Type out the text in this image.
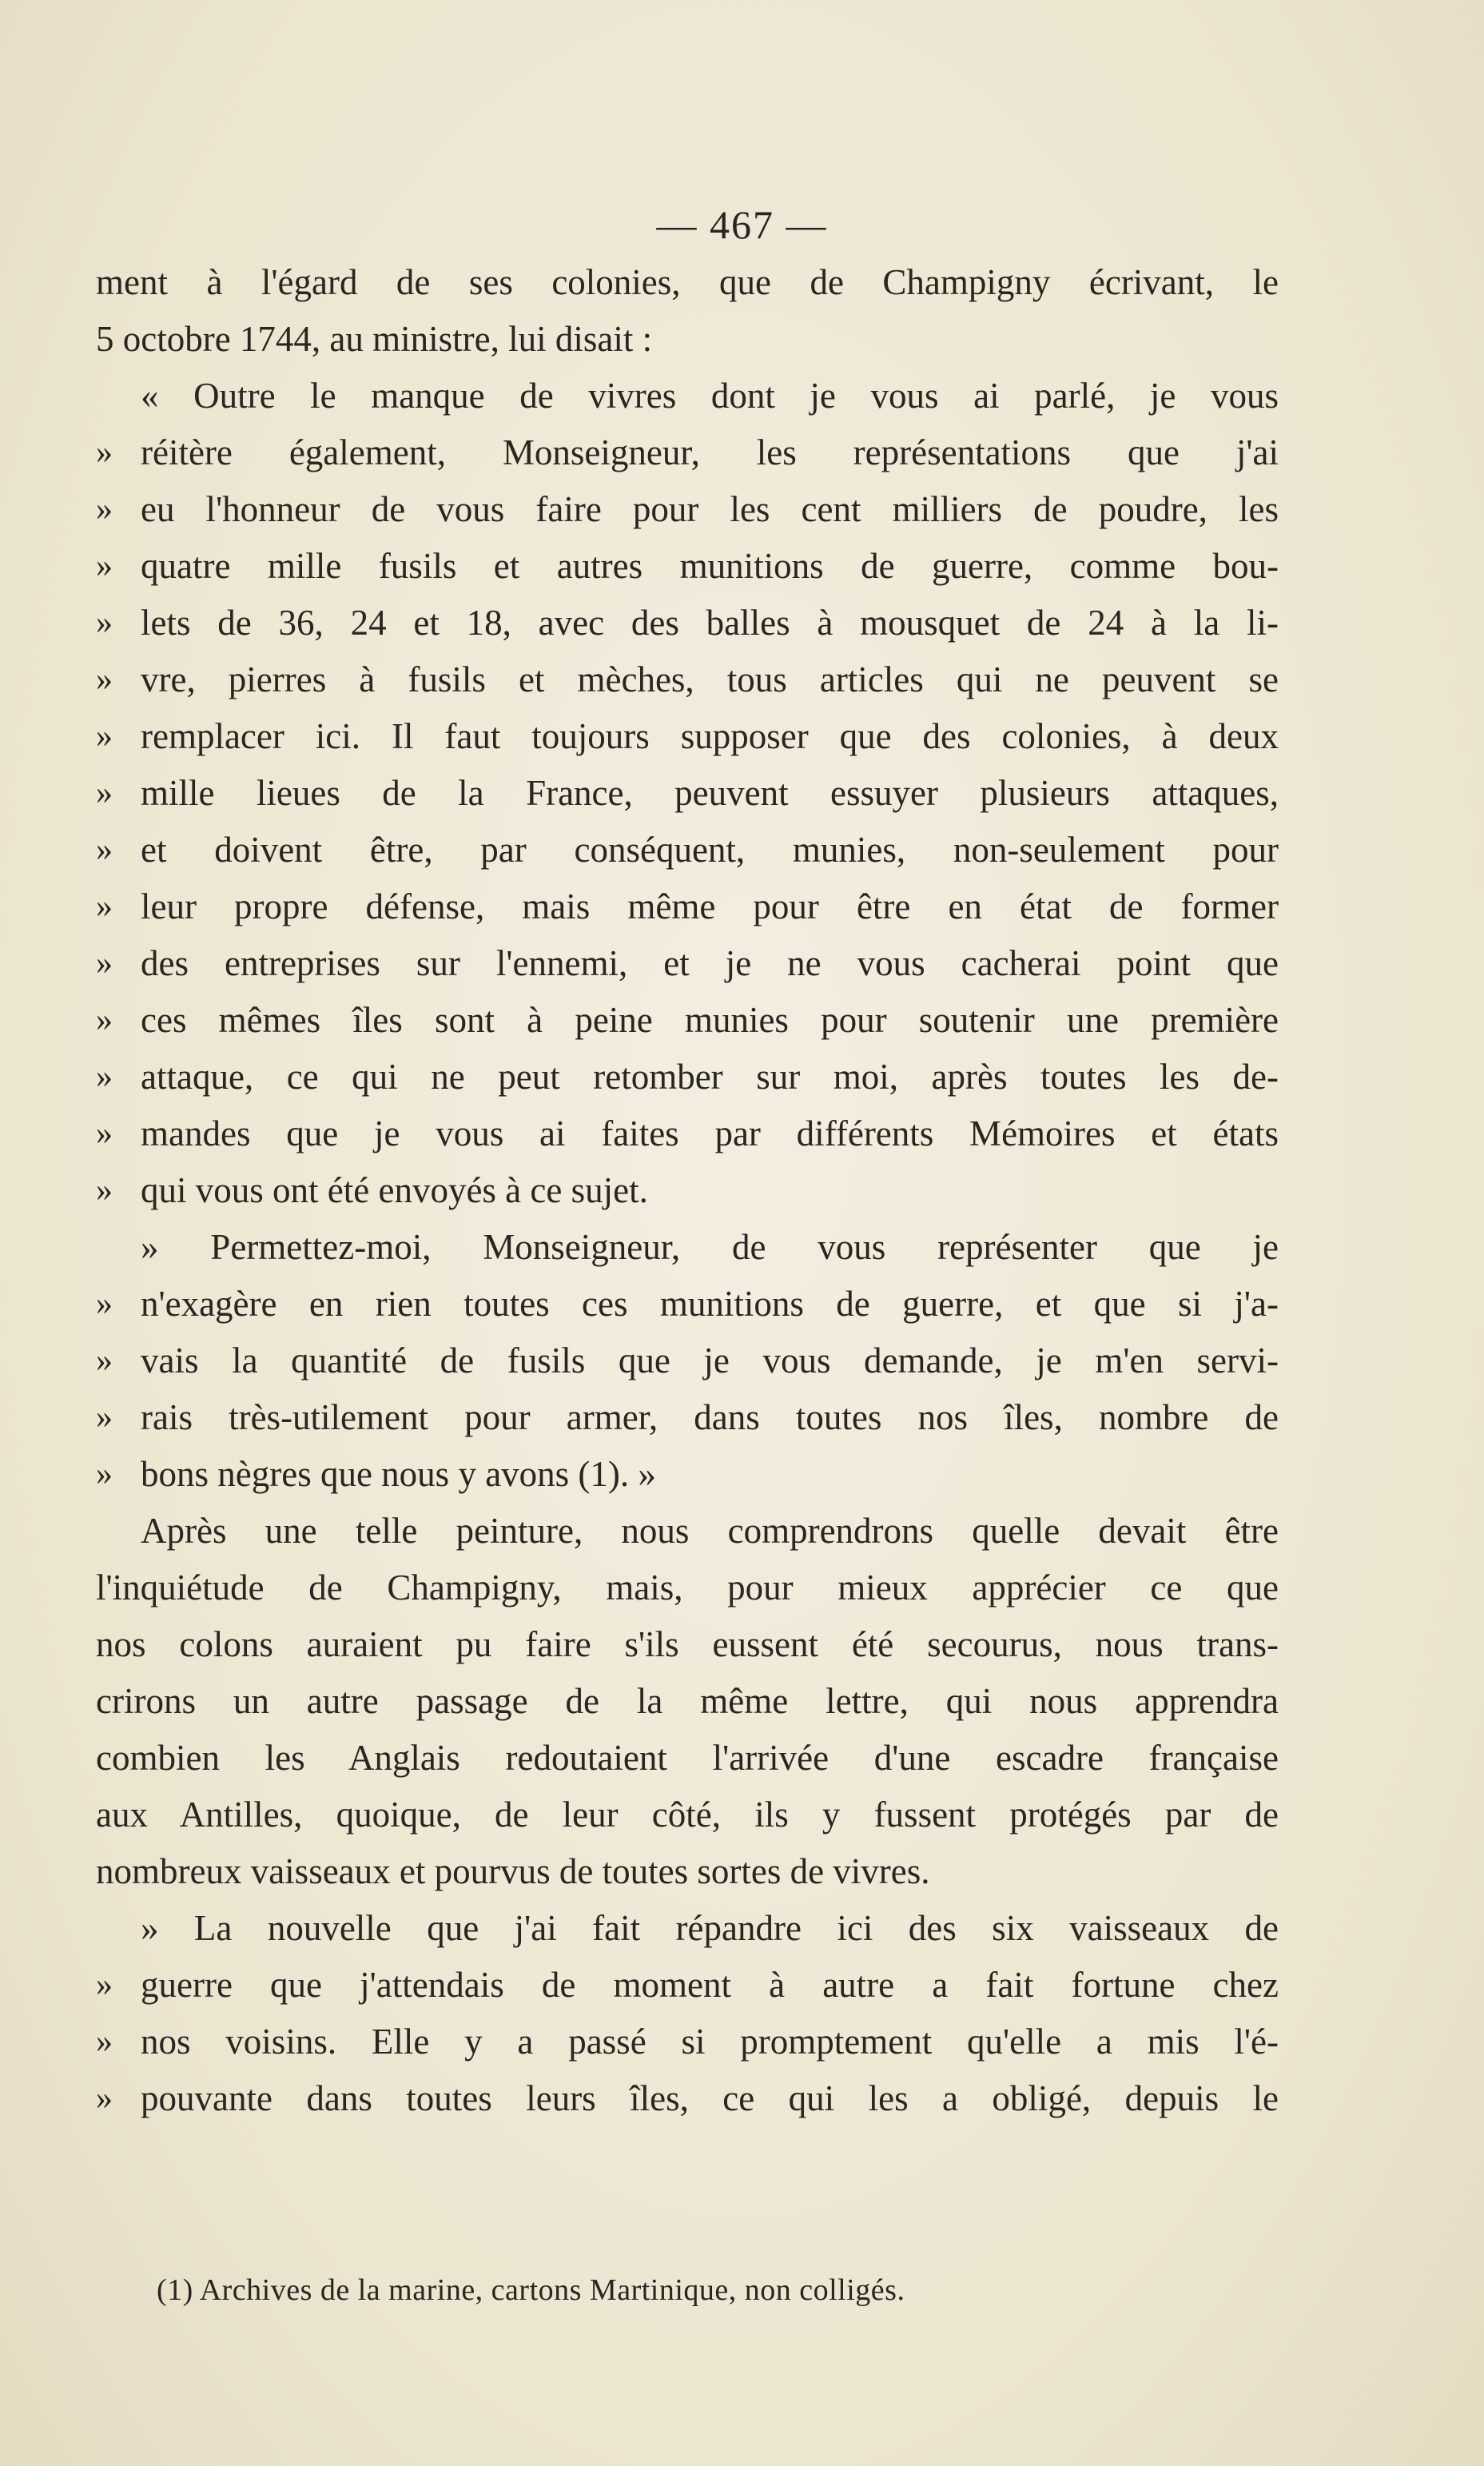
— 467 —
ment à l'égard de ses colonies, que de Champigny écrivant, le
5 octobre 1744, au ministre, lui disait :
« Outre le manque de vivres dont je vous ai parlé, je vous
» réitère également, Monseigneur, les représentations que j'ai
» eu l'honneur de vous faire pour les cent milliers de poudre, les
» quatre mille fusils et autres munitions de guerre, comme bou-
» lets de 36, 24 et 18, avec des balles à mousquet de 24 à la li-
» vre, pierres à fusils et mèches, tous articles qui ne peuvent se
» remplacer ici. Il faut toujours supposer que des colonies, à deux
» mille lieues de la France, peuvent essuyer plusieurs attaques,
» et doivent être, par conséquent, munies, non-seulement pour
» leur propre défense, mais même pour être en état de former
» des entreprises sur l'ennemi, et je ne vous cacherai point que
» ces mêmes îles sont à peine munies pour soutenir une première
» attaque, ce qui ne peut retomber sur moi, après toutes les de-
» mandes que je vous ai faites par différents Mémoires et états
» qui vous ont été envoyés à ce sujet.
» Permettez-moi, Monseigneur, de vous représenter que je
» n'exagère en rien toutes ces munitions de guerre, et que si j'a-
» vais la quantité de fusils que je vous demande, je m'en servi-
» rais très-utilement pour armer, dans toutes nos îles, nombre de
» bons nègres que nous y avons (1). »
Après une telle peinture, nous comprendrons quelle devait être
l'inquiétude de Champigny, mais, pour mieux apprécier ce que
nos colons auraient pu faire s'ils eussent été secourus, nous trans-
crirons un autre passage de la même lettre, qui nous apprendra
combien les Anglais redoutaient l'arrivée d'une escadre française
aux Antilles, quoique, de leur côté, ils y fussent protégés par de
nombreux vaisseaux et pourvus de toutes sortes de vivres.
» La nouvelle que j'ai fait répandre ici des six vaisseaux de
» guerre que j'attendais de moment à autre a fait fortune chez
» nos voisins. Elle y a passé si promptement qu'elle a mis l'é-
» pouvante dans toutes leurs îles, ce qui les a obligé, depuis le
(1) Archives de la marine, cartons Martinique, non colligés.
